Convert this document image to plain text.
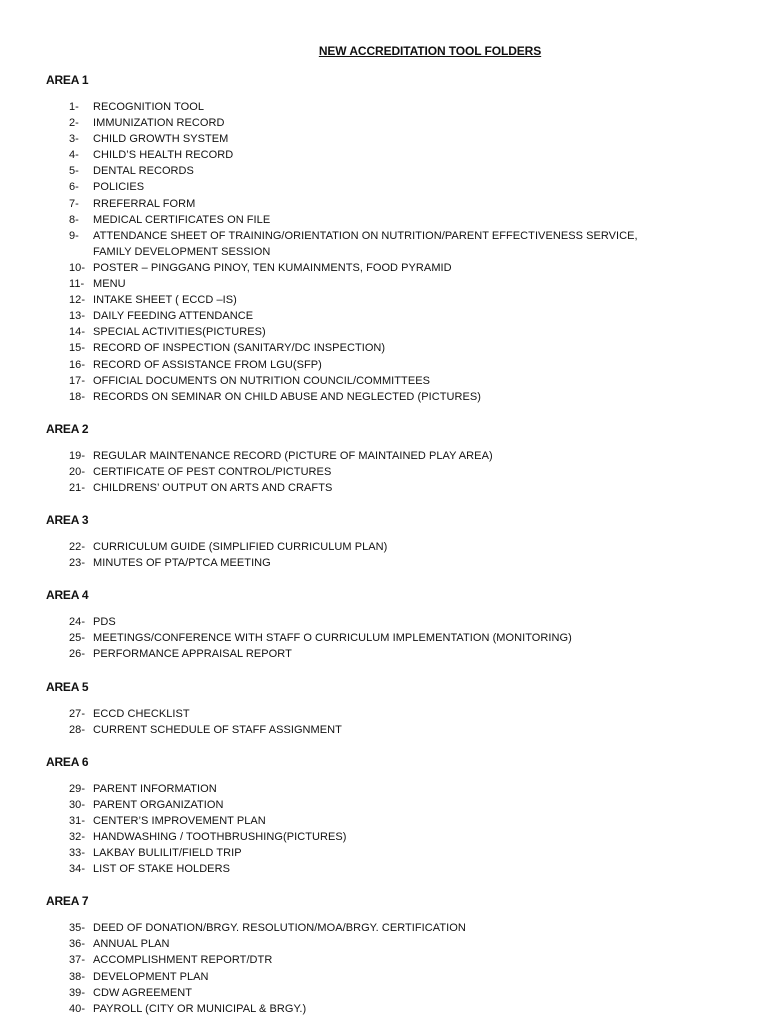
NEW ACCREDITATION TOOL FOLDERS
AREA 1
1-	RECOGNITION TOOL
2-	IMMUNIZATION RECORD
3-	CHILD GROWTH SYSTEM
4-	CHILD’S HEALTH RECORD
5-	DENTAL RECORDS
6-	POLICIES
7-	RREFERRAL FORM
8-	MEDICAL CERTIFICATES ON FILE
9-	ATTENDANCE SHEET OF TRAINING/ORIENTATION ON NUTRITION/PARENT EFFECTIVENESS SERVICE, FAMILY DEVELOPMENT SESSION
10- POSTER – PINGGANG PINOY, TEN KUMAINMENTS, FOOD PYRAMID
11- MENU
12- INTAKE SHEET ( ECCD –IS)
13- DAILY FEEDING ATTENDANCE
14- SPECIAL ACTIVITIES(PICTURES)
15- RECORD OF INSPECTION (SANITARY/DC INSPECTION)
16- RECORD OF ASSISTANCE FROM LGU(SFP)
17- OFFICIAL DOCUMENTS ON NUTRITION COUNCIL/COMMITTEES
18- RECORDS ON SEMINAR ON CHILD ABUSE AND NEGLECTED (PICTURES)
AREA 2
19- REGULAR MAINTENANCE RECORD (PICTURE OF MAINTAINED PLAY AREA)
20- CERTIFICATE OF PEST CONTROL/PICTURES
21- CHILDRENS’ OUTPUT ON ARTS AND CRAFTS
AREA 3
22- CURRICULUM GUIDE (SIMPLIFIED CURRICULUM PLAN)
23- MINUTES OF PTA/PTCA MEETING
AREA 4
24- PDS
25- MEETINGS/CONFERENCE WITH STAFF O CURRICULUM IMPLEMENTATION (MONITORING)
26- PERFORMANCE APPRAISAL REPORT
AREA 5
27- ECCD CHECKLIST
28- CURRENT SCHEDULE OF STAFF ASSIGNMENT
AREA 6
29- PARENT INFORMATION
30- PARENT ORGANIZATION
31- CENTER’S IMPROVEMENT PLAN
32- HANDWASHING / TOOTHBRUSHING(PICTURES)
33- LAKBAY BULILIT/FIELD TRIP
34- LIST OF STAKE HOLDERS
AREA 7
35- DEED OF DONATION/BRGY. RESOLUTION/MOA/BRGY. CERTIFICATION
36- ANNUAL PLAN
37- ACCOMPLISHMENT REPORT/DTR
38- DEVELOPMENT PLAN
39- CDW AGREEMENT
40- PAYROLL (CITY OR MUNICIPAL & BRGY.)
